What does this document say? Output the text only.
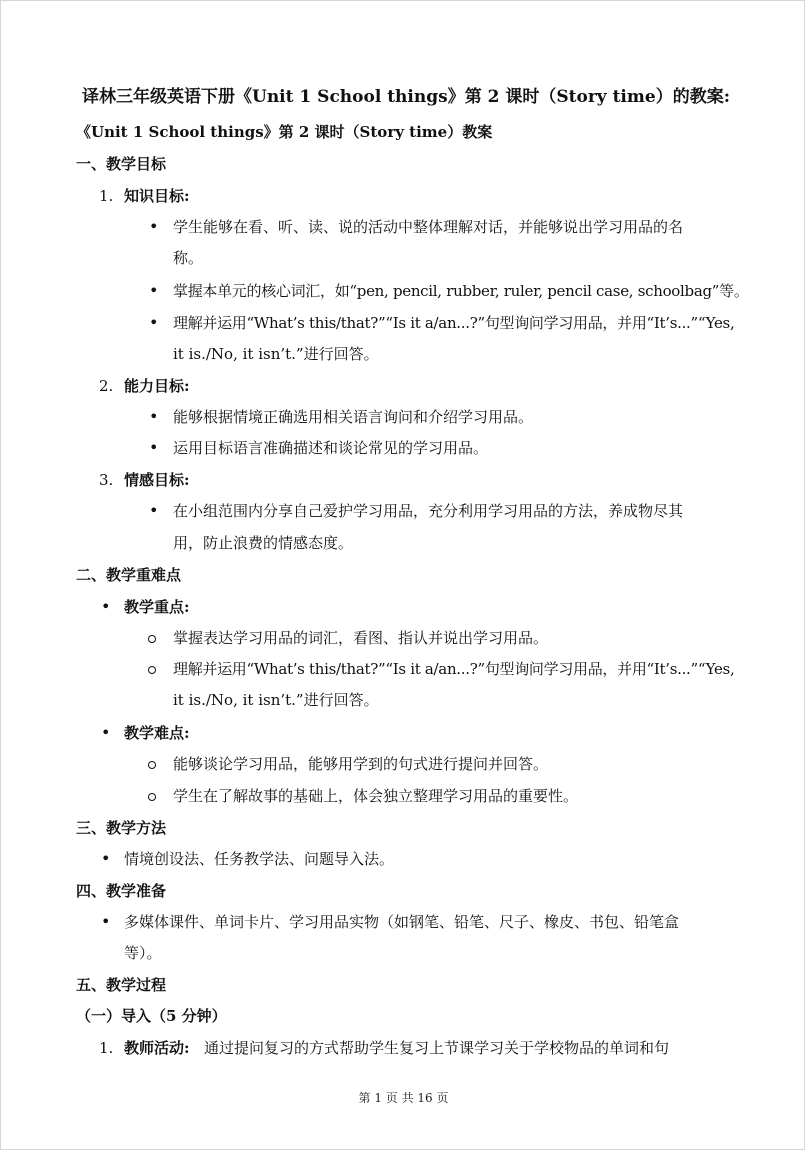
译林三年级英语下册《Unit 1 School things》第 2 课时（Story time）的教案:
《Unit 1 School things》第 2 课时（Story time）教案
一、教学目标
1. 知识目标:
• 学生能够在看、听、读、说的活动中整体理解对话，并能够说出学习用品的名
称。
• 掌握本单元的核心词汇，如“pen, pencil, rubber, ruler, pencil case, schoolbag”等。
• 理解并运用“What’s this/that?”“Is it a/an...?”句型询问学习用品，并用“It’s...”“Yes,
it is./No, it isn’t.”进行回答。
2. 能力目标:
• 能够根据情境正确选用相关语言询问和介绍学习用品。
• 运用目标语言准确描述和谈论常见的学习用品。
3. 情感目标:
• 在小组范围内分享自己爱护学习用品，充分利用学习用品的方法，养成物尽其
用，防止浪费的情感态度。
二、教学重难点
• 教学重点:
掌握表达学习用品的词汇，看图、指认并说出学习用品。
理解并运用“What’s this/that?”“Is it a/an...?”句型询问学习用品，并用“It’s...”“Yes,
it is./No, it isn’t.”进行回答。
• 教学难点:
能够谈论学习用品，能够用学到的句式进行提问并回答。
学生在了解故事的基础上，体会独立整理学习用品的重要性。
三、教学方法
• 情境创设法、任务教学法、问题导入法。
四、教学准备
• 多媒体课件、单词卡片、学习用品实物（如钢笔、铅笔、尺子、橡皮、书包、铅笔盒
等）。
五、教学过程
（一）导入（5 分钟）
1. 教师活动: 通过提问复习的方式帮助学生复习上节课学习关于学校物品的单词和句
第 1 页 共 16 页
